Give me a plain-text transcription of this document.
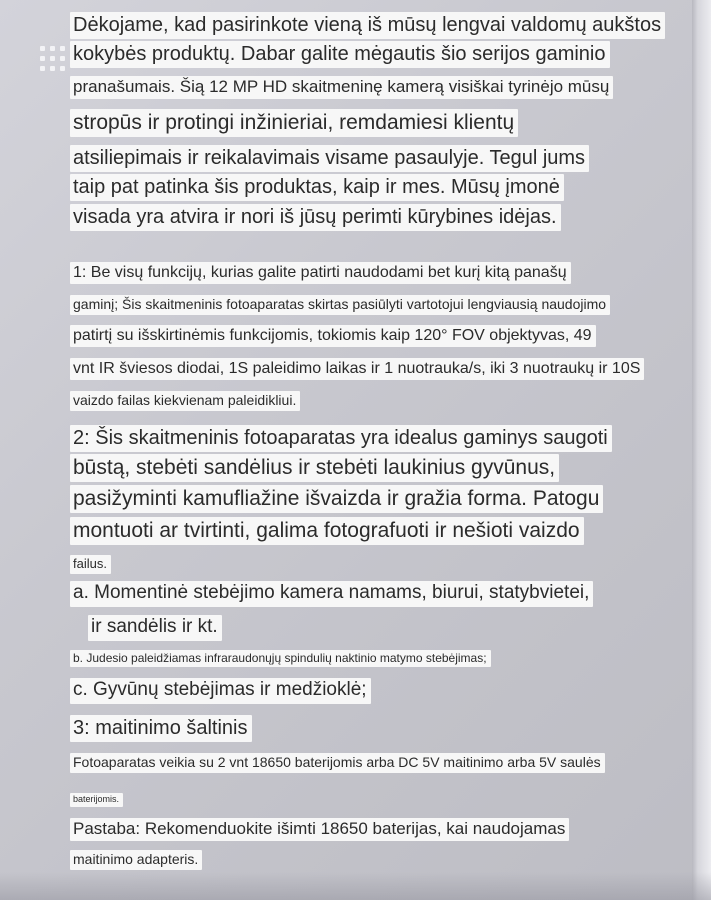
Dėkojame, kad pasirinkote vieną iš mūsų lengvai valdomų aukštos
kokybės produktų. Dabar galite mėgautis šio serijos gaminio
pranašumais. Šią 12 MP HD skaitmeninę kamerą visiškai tyrinėjo mūsų
stropūs ir protingi inžinieriai, remdamiesi klientų
atsiliepimais ir reikalavimais visame pasaulyje. Tegul jums
taip pat patinka šis produktas, kaip ir mes. Mūsų įmonė
visada yra atvira ir nori iš jūsų perimti kūrybines idėjas.
1: Be visų funkcijų, kurias galite patirti naudodami bet kurį kitą panašų
gaminį; Šis skaitmeninis fotoaparatas skirtas pasiūlyti vartotojui lengviausią naudojimo
patirtį su išskirtinėmis funkcijomis, tokiomis kaip 120° FOV objektyvas, 49
vnt IR šviesos diodai, 1S paleidimo laikas ir 1 nuotrauka/s, iki 3 nuotraukų ir 10S
vaizdo failas kiekvienam paleidikliui.
2: Šis skaitmeninis fotoaparatas yra idealus gaminys saugoti
būstą, stebėti sandėlius ir stebėti laukinius gyvūnus,
pasižyminti kamufliažine išvaizda ir gražia forma. Patogu
montuoti ar tvirtinti, galima fotografuoti ir nešioti vaizdo
failus.
a. Momentinė stebėjimo kamera namams, biurui, statybvietei,
ir sandėlis ir kt.
b. Judesio paleidžiamas infraraudonųjų spindulių naktinio matymo stebėjimas;
c. Gyvūnų stebėjimas ir medžioklė;
3: maitinimo šaltinis
Fotoaparatas veikia su 2 vnt 18650 baterijomis arba DC 5V maitinimo arba 5V saulės
baterijomis.
Pastaba: Rekomenduokite išimti 18650 baterijas, kai naudojamas
maitinimo adapteris.
